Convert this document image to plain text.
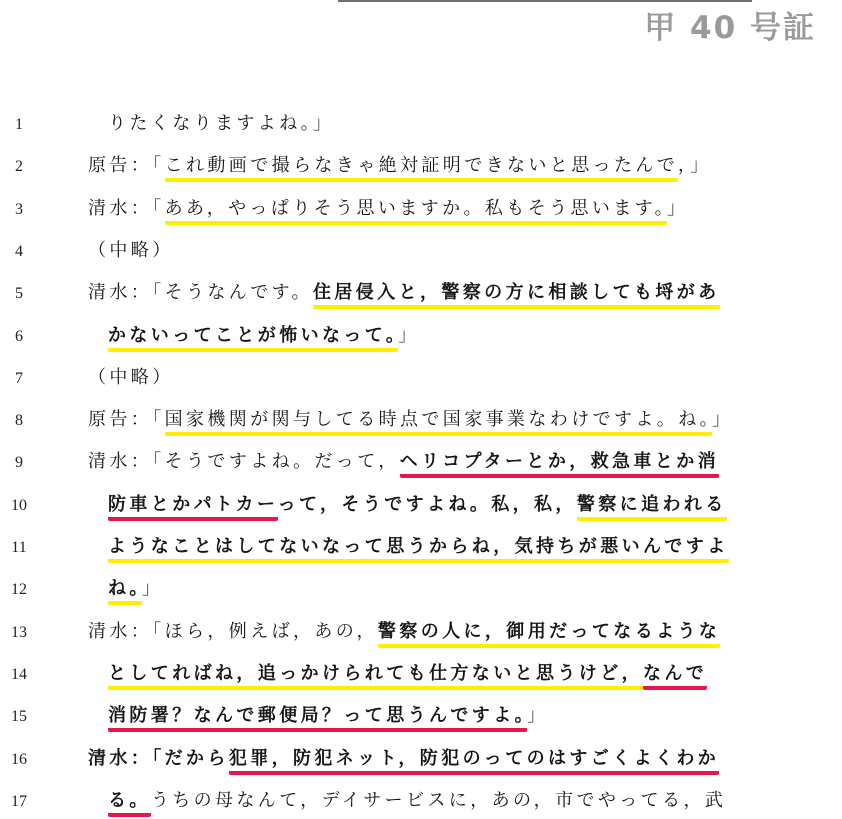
甲 40 号証
1	りたくなりますよね。」
2	原告：「これ動画で撮らなきゃ絶対証明できないと思ったんで，」
3	清水：「ああ，やっぱりそう思いますか。私もそう思います。」
4	（中略）
5	清水：「そうなんです。住居侵入と，警察の方に相談しても埒があ
6	かないってことが怖いなって。」
7	（中略）
8	原告：「国家機関が関与してる時点で国家事業なわけですよ。ね。」
9	清水：「そうですよね。だって，ヘリコプターとか，救急車とか消
10	防車とかパトカーって，そうですよね。私，私，警察に追われる
11	ようなことはしてないなって思うからね，気持ちが悪いんですよ
12	ね。」
13	清水：「ほら，例えば，あの，警察の人に，御用だってなるような
14	としてればね，追っかけられても仕方ないと思うけど，なんで
15	消防署？なんで郵便局？って思うんですよ。」
16	清水：「だから犯罪，防犯ネット，防犯のってのはすごくよくわか
17	る。うちの母なんて，デイサービスに，あの，市でやってる，武
